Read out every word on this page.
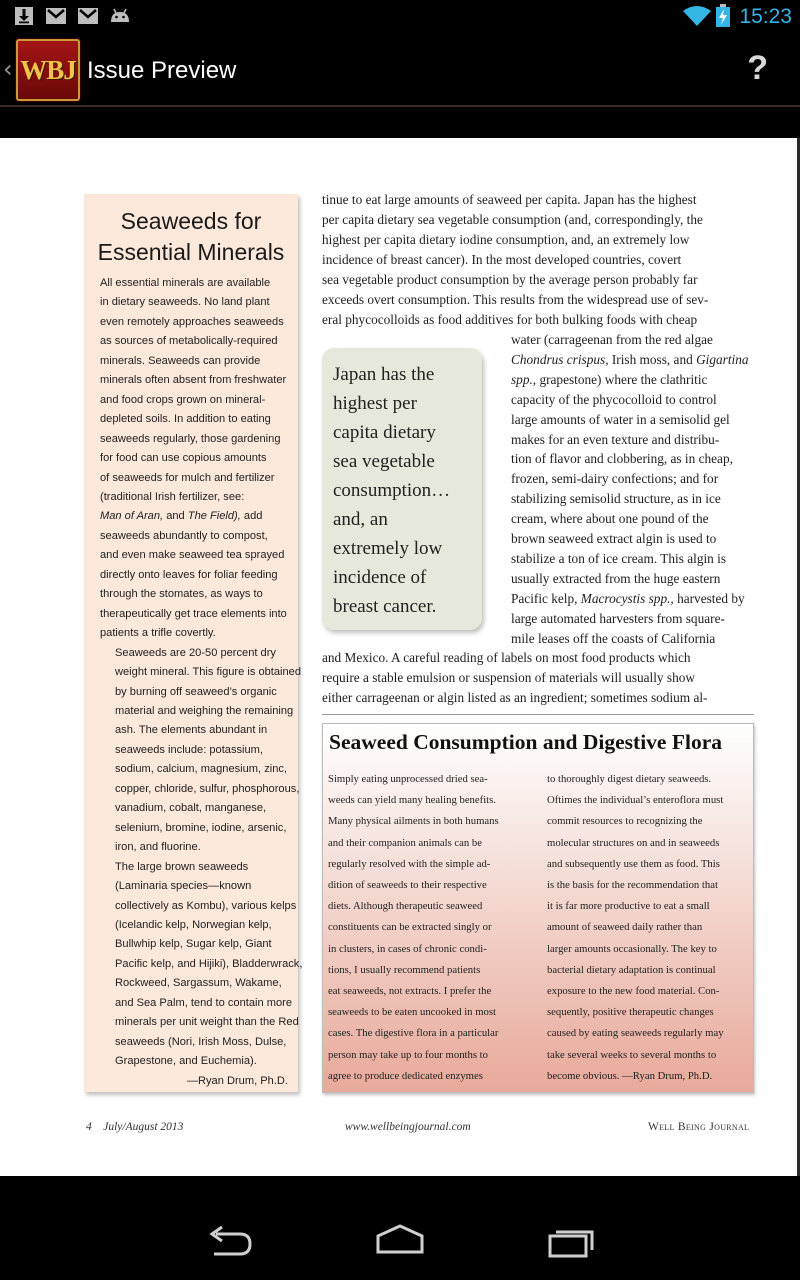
15:23
‹ WBJ Issue Preview	?
Seaweeds for Essential Minerals

All essential minerals are available
in dietary seaweeds. No land plant
even remotely approaches seaweeds
as sources of metabolically-required
minerals. Seaweeds can provide
minerals often absent from freshwater
and food crops grown on mineral-
depleted soils. In addition to eating
seaweeds regularly, those gardening
for food can use copious amounts
of seaweeds for mulch and fertilizer
(traditional Irish fertilizer, see:
Man of Aran, and The Field), add
seaweeds abundantly to compost,
and even make seaweed tea sprayed
directly onto leaves for foliar feeding
through the stomates, as ways to
therapeutically get trace elements into
patients a trifle covertly.

Seaweeds are 20-50 percent dry
weight mineral. This figure is obtained
by burning off seaweed’s organic
material and weighing the remaining
ash. The elements abundant in
seaweeds include: potassium,
sodium, calcium, magnesium, zinc,
copper, chloride, sulfur, phosphorous,
vanadium, cobalt, manganese,
selenium, bromine, iodine, arsenic,
iron, and fluorine.

The large brown seaweeds
(Laminaria species—known
collectively as Kombu), various kelps
(Icelandic kelp, Norwegian kelp,
Bullwhip kelp, Sugar kelp, Giant
Pacific kelp, and Hijiki), Bladderwrack,
Rockweed, Sargassum, Wakame,
and Sea Palm, tend to contain more
minerals per unit weight than the Red
seaweeds (Nori, Irish Moss, Dulse,
Grapestone, and Euchemia).

—Ryan Drum, Ph.D.
tinue to eat large amounts of seaweed per capita. Japan has the highest
per capita dietary sea vegetable consumption (and, correspondingly, the
highest per capita dietary iodine consumption, and, an extremely low
incidence of breast cancer). In the most developed countries, covert
sea vegetable product consumption by the average person probably far
exceeds overt consumption. This results from the widespread use of sev-
eral phycocolloids as food additives for both bulking foods with cheap
Japan has the
highest per
capita dietary
sea vegetable
consumption…
and, an
extremely low
incidence of
breast cancer.
water (carrageenan from the red algae
Chondrus crispus, Irish moss, and Gigartina
spp., grapestone) where the clathritic
capacity of the phycocolloid to control
large amounts of water in a semisolid gel
makes for an even texture and distribu-
tion of flavor and clobbering, as in cheap,
frozen, semi-dairy confections; and for
stabilizing semisolid structure, as in ice
cream, where about one pound of the
brown seaweed extract algin is used to
stabilize a ton of ice cream. This algin is
usually extracted from the huge eastern
Pacific kelp, Macrocystis spp., harvested by
large automated harvesters from square-
mile leases off the coasts of California
and Mexico. A careful reading of labels on most food products which
require a stable emulsion or suspension of materials will usually show
either carrageenan or algin listed as an ingredient; sometimes sodium al-
Seaweed Consumption and Digestive Flora
Simply eating unprocessed dried sea-
weeds can yield many healing benefits.
Many physical ailments in both humans
and their companion animals can be
regularly resolved with the simple ad-
dition of seaweeds to their respective
diets. Although therapeutic seaweed
constituents can be extracted singly or
in clusters, in cases of chronic condi-
tions, I usually recommend patients
eat seaweeds, not extracts. I prefer the
seaweeds to be eaten uncooked in most
cases. The digestive flora in a particular
person may take up to four months to
agree to produce dedicated enzymes
to thoroughly digest dietary seaweeds.
Oftimes the individual’s enteroflora must
commit resources to recognizing the
molecular structures on and in seaweeds
and subsequently use them as food. This
is the basis for the recommendation that
it is far more productive to eat a small
amount of seaweed daily rather than
larger amounts occasionally. The key to
bacterial dietary adaptation is continual
exposure to the new food material. Con-
sequently, positive therapeutic changes
caused by eating seaweeds regularly may
take several weeks to several months to
become obvious. —Ryan Drum, Ph.D.
4    July/August 2013	www.wellbeingjournal.com	Well Being Journal
